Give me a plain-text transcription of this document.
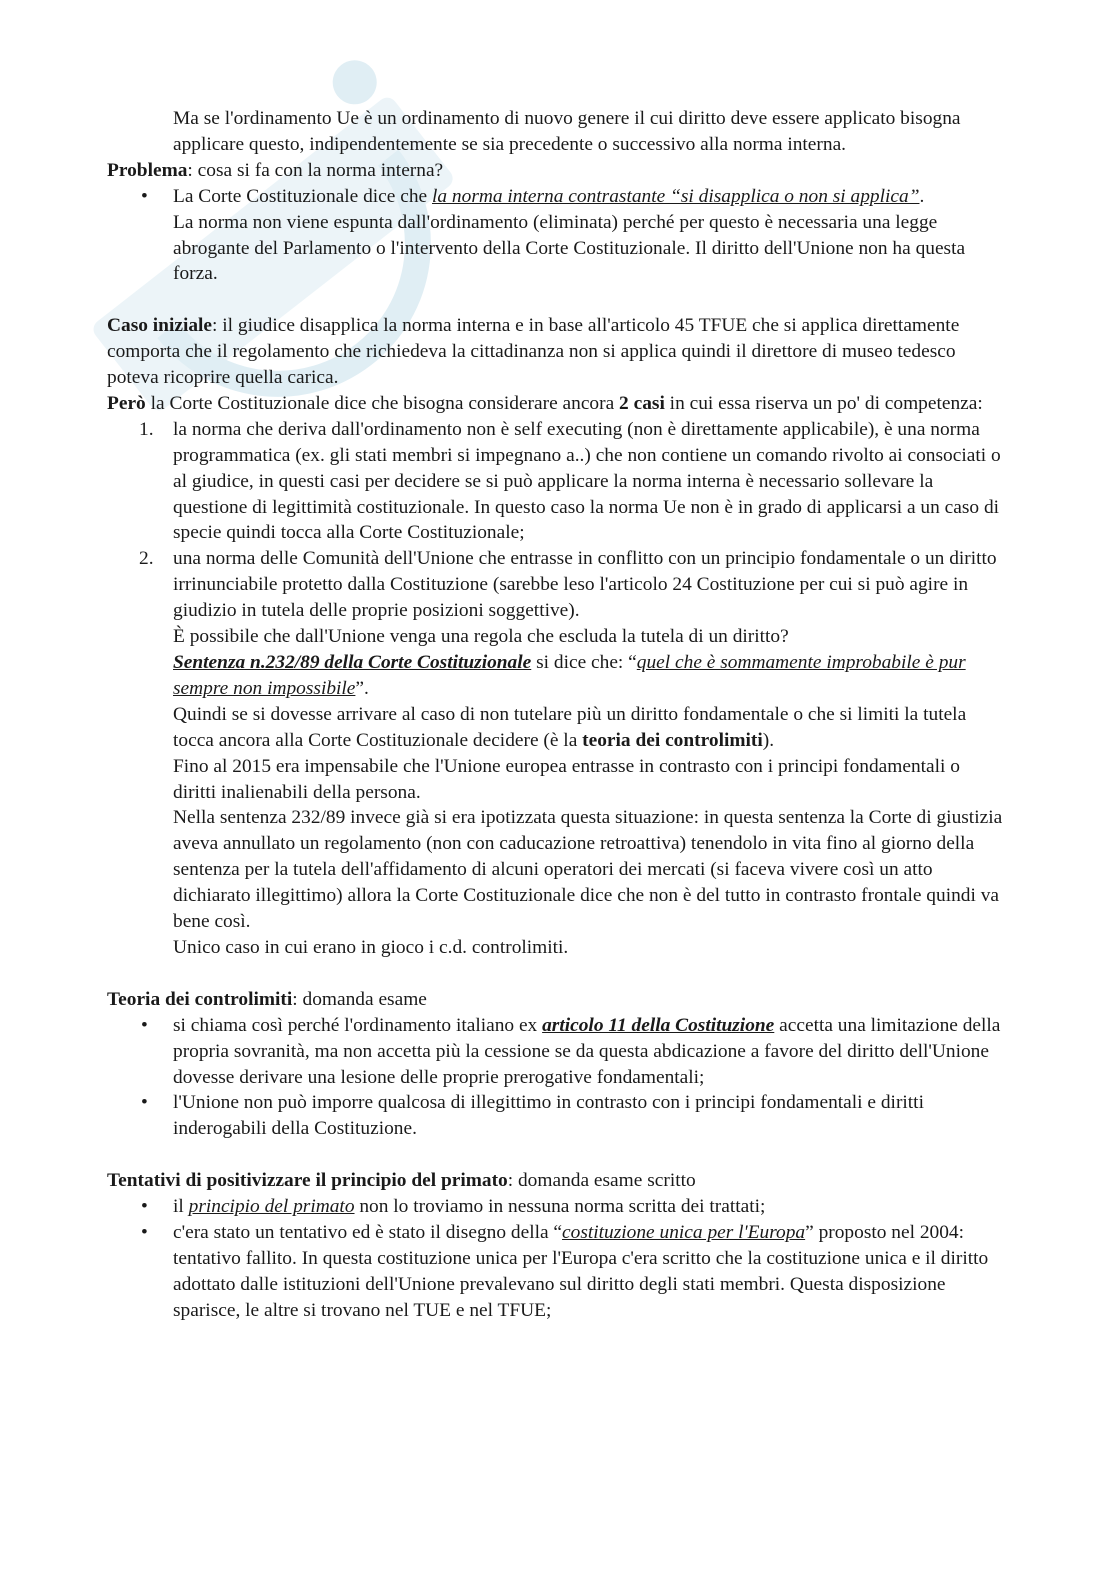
Ma se l'ordinamento Ue è un ordinamento di nuovo genere il cui diritto deve essere applicato bisogna applicare questo, indipendentemente se sia precedente o successivo alla norma interna.

Problema: cosa si fa con la norma interna?

•	La Corte Costituzionale dice che la norma interna contrastante “si disapplica o non si applica”.

La norma non viene espunta dall'ordinamento (eliminata) perché per questo è necessaria una legge abrogante del Parlamento o l'intervento della Corte Costituzionale. Il diritto dell'Unione non ha questa forza.

Caso iniziale: il giudice disapplica la norma interna e in base all'articolo 45 TFUE che si applica direttamente comporta che il regolamento che richiedeva la cittadinanza non si applica quindi il direttore di museo tedesco poteva ricoprire quella carica.

Però la Corte Costituzionale dice che bisogna considerare ancora 2 casi in cui essa riserva un po' di competenza:

1.	la norma che deriva dall'ordinamento non è self executing (non è direttamente applicabile), è una norma programmatica (ex. gli stati membri si impegnano a..) che non contiene un comando rivolto ai consociati o al giudice, in questi casi per decidere se si può applicare la norma interna è necessario sollevare la questione di legittimità costituzionale. In questo caso la norma Ue non è in grado di applicarsi a un caso di specie quindi tocca alla Corte Costituzionale;

2.	una norma delle Comunità dell'Unione che entrasse in conflitto con un principio fondamentale o un diritto irrinunciabile protetto dalla Costituzione (sarebbe leso l'articolo 24 Costituzione per cui si può agire in giudizio in tutela delle proprie posizioni soggettive).

È possibile che dall'Unione venga una regola che escluda la tutela di un diritto?

Sentenza n.232/89 della Corte Costituzionale si dice che: “quel che è sommamente improbabile è pur sempre non impossibile”.

Quindi se si dovesse arrivare al caso di non tutelare più un diritto fondamentale o che si limiti la tutela tocca ancora alla Corte Costituzionale decidere (è la teoria dei controlimiti).

Fino al 2015 era impensabile che l'Unione europea entrasse in contrasto con i principi fondamentali o diritti inalienabili della persona.

Nella sentenza 232/89 invece già si era ipotizzata questa situazione: in questa sentenza la Corte di giustizia aveva annullato un regolamento (non con caducazione retroattiva) tenendolo in vita fino al giorno della sentenza per la tutela dell'affidamento di alcuni operatori dei mercati (si faceva vivere così un atto dichiarato illegittimo) allora la Corte Costituzionale dice che non è del tutto in contrasto frontale quindi va bene così.

Unico caso in cui erano in gioco i c.d. controlimiti.

Teoria dei controlimiti: domanda esame

•	si chiama così perché l'ordinamento italiano ex articolo 11 della Costituzione accetta una limitazione della propria sovranità, ma non accetta più la cessione se da questa abdicazione a favore del diritto dell'Unione dovesse derivare una lesione delle proprie prerogative fondamentali;

•	l'Unione non può imporre qualcosa di illegittimo in contrasto con i principi fondamentali e diritti inderogabili della Costituzione.

Tentativi di positivizzare il principio del primato: domanda esame scritto

•	il principio del primato non lo troviamo in nessuna norma scritta dei trattati;

•	c'era stato un tentativo ed è stato il disegno della “costituzione unica per l'Europa” proposto nel 2004: tentativo fallito. In questa costituzione unica per l'Europa c'era scritto che la costituzione unica e il diritto adottato dalle istituzioni dell'Unione prevalevano sul diritto degli stati membri. Questa disposizione sparisce, le altre si trovano nel TUE e nel TFUE;
